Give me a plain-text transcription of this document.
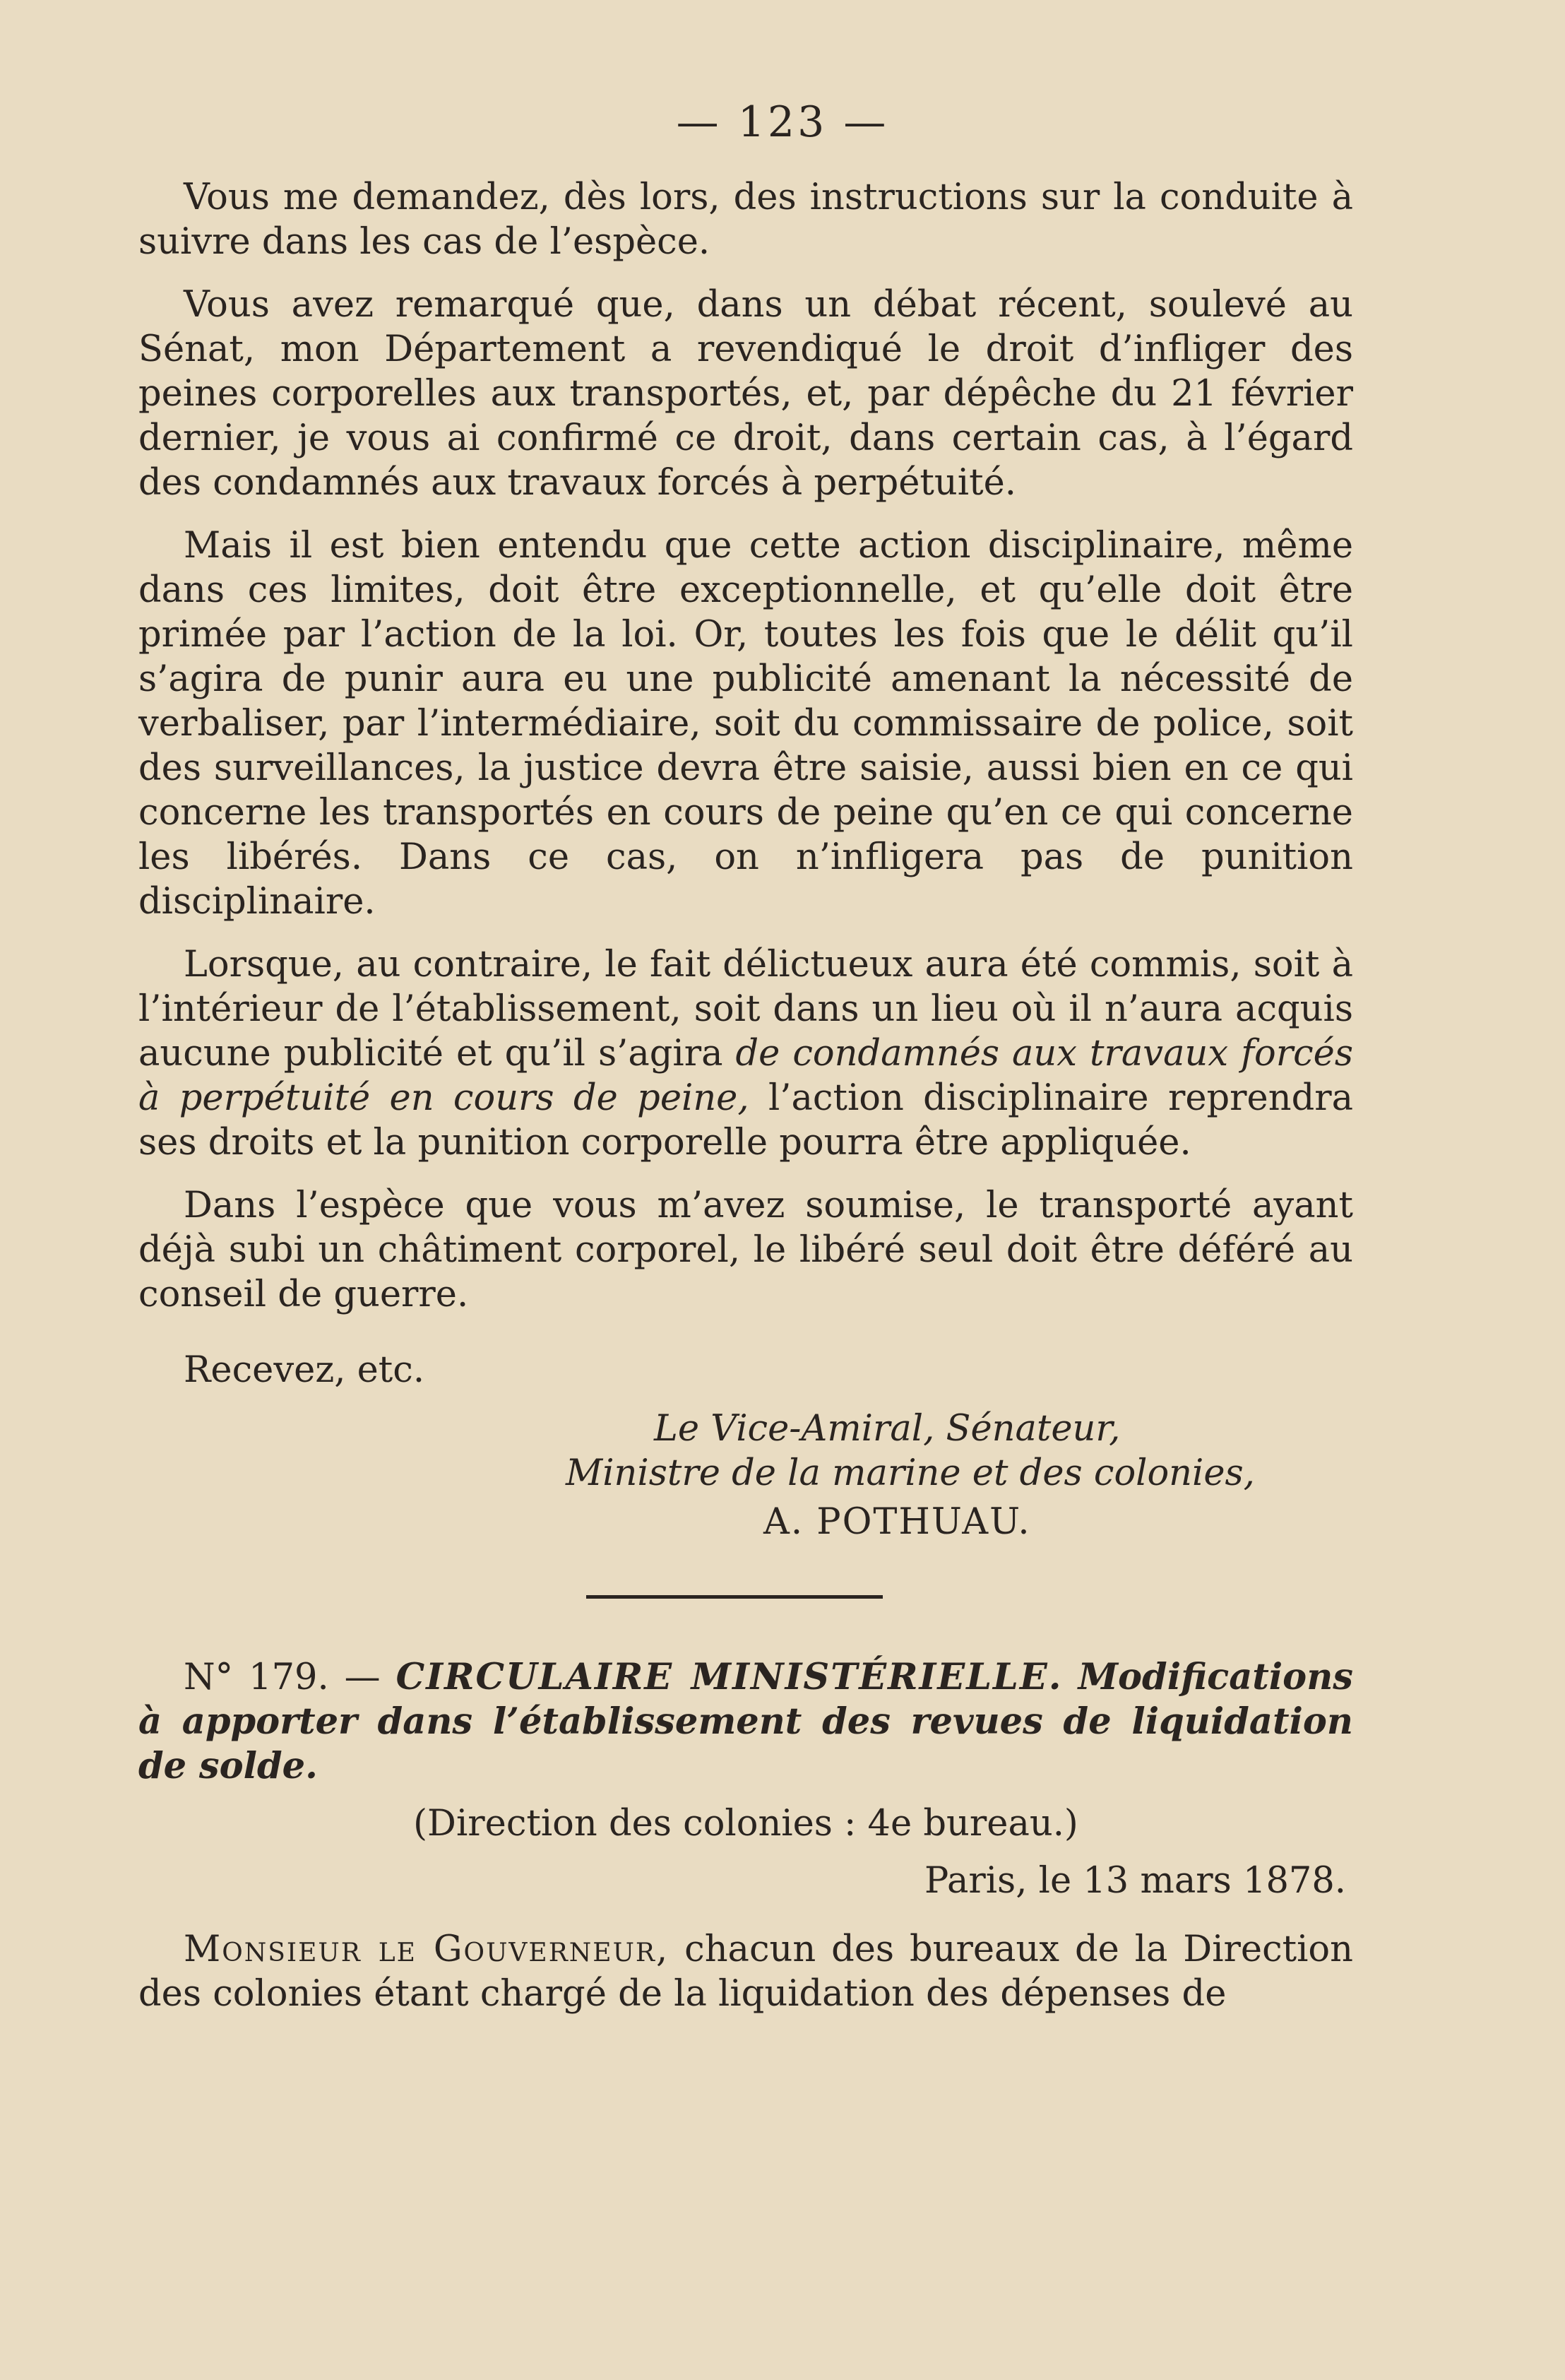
— 123 —

Vous me demandez, dès lors, des instructions sur la conduite à suivre dans les cas de l’espèce.

Vous avez remarqué que, dans un débat récent, soulevé au Sénat, mon Département a revendiqué le droit d’infliger des peines corporelles aux transportés, et, par dépêche du 21 février dernier, je vous ai confirmé ce droit, dans certain cas, à l’égard des condamnés aux travaux forcés à perpétuité.

Mais il est bien entendu que cette action disciplinaire, même dans ces limites, doit être exceptionnelle, et qu’elle doit être primée par l’action de la loi. Or, toutes les fois que le délit qu’il s’agira de punir aura eu une publicité amenant la nécessité de verbaliser, par l’intermédiaire, soit du commissaire de police, soit des surveillances, la justice devra être saisie, aussi bien en ce qui concerne les transportés en cours de peine qu’en ce qui concerne les libérés. Dans ce cas, on n’infligera pas de punition disciplinaire.

Lorsque, au contraire, le fait délictueux aura été commis, soit à l’intérieur de l’établissement, soit dans un lieu où il n’aura acquis aucune publicité et qu’il s’agira de condamnés aux travaux forcés à perpétuité en cours de peine, l’action disciplinaire reprendra ses droits et la punition corporelle pourra être appliquée.

Dans l’espèce que vous m’avez soumise, le transporté ayant déjà subi un châtiment corporel, le libéré seul doit être déféré au conseil de guerre.

Recevez, etc.

Le Vice-Amiral, Sénateur,

Ministre de la marine et des colonies,

A. POTHUAU.

N° 179. — CIRCULAIRE MINISTÉRIELLE. Modifications à apporter dans l’établissement des revues de liquidation de solde.

(Direction des colonies : 4e bureau.)

Paris, le 13 mars 1878.

Monsieur le Gouverneur, chacun des bureaux de la Direction des colonies étant chargé de la liquidation des dépenses de
